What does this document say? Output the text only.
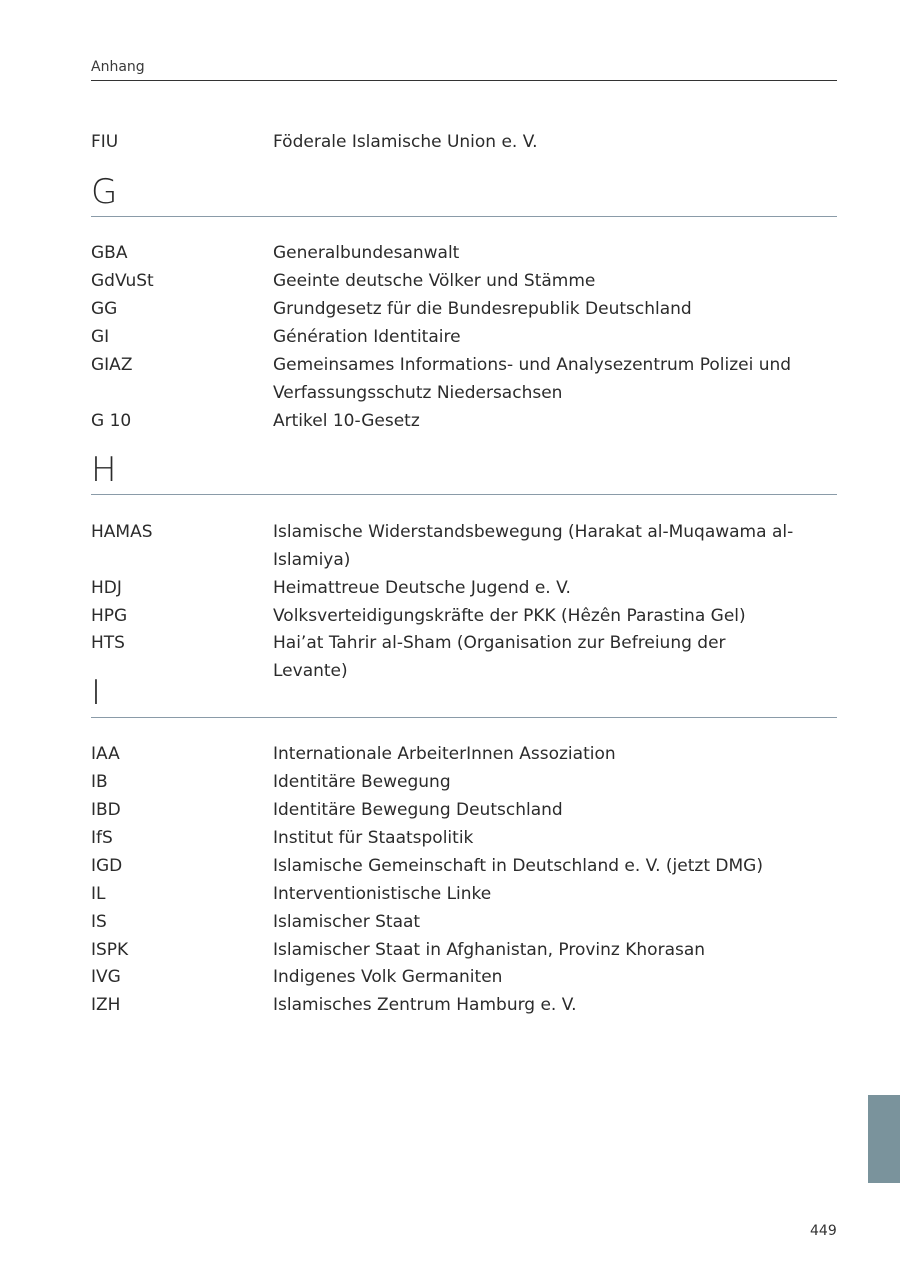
Anhang
FIU	Föderale Islamische Union e. V.
G
GBA	Generalbundesanwalt
GdVuSt	Geeinte deutsche Völker und Stämme
GG	Grundgesetz für die Bundesrepublik Deutschland
GI	Génération Identitaire
GIAZ	Gemeinsames Informations- und Analysezentrum Polizei und Verfassungsschutz Niedersachsen
G 10	Artikel 10-Gesetz
H
HAMAS	Islamische Widerstandsbewegung (Harakat al-Muqawama al-Islamiya)
HDJ	Heimattreue Deutsche Jugend e. V.
HPG	Volksverteidigungskräfte der PKK (Hêzên Parastina Gel)
HTS	Hai’at Tahrir al-Sham (Organisation zur Befreiung der Levante)
I
IAA	Internationale ArbeiterInnen Assoziation
IB	Identitäre Bewegung
IBD	Identitäre Bewegung Deutschland
IfS	Institut für Staatspolitik
IGD	Islamische Gemeinschaft in Deutschland e. V. (jetzt DMG)
IL	Interventionistische Linke
IS	Islamischer Staat
ISPK	Islamischer Staat in Afghanistan, Provinz Khorasan
IVG	Indigenes Volk Germaniten
IZH	Islamisches Zentrum Hamburg e. V.
449
